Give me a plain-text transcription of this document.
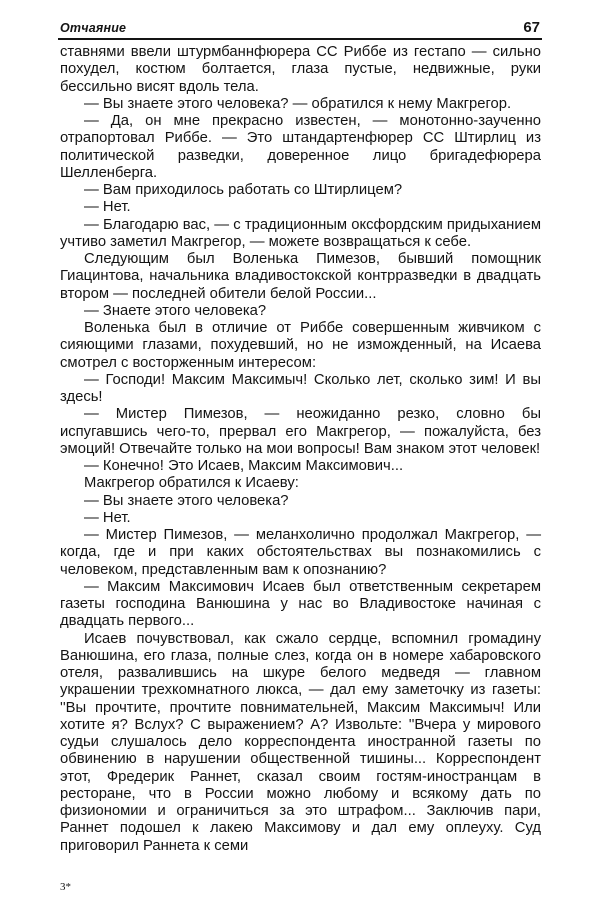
Отчаяние	67

ставнями ввели штурмбаннфюрера СС Риббе из гестапо — сильно похудел, костюм болтается, глаза пустые, недвижные, руки бессильно висят вдоль тела.

— Вы знаете этого человека? — обратился к нему Макгрегор.

— Да, он мне прекрасно известен, — монотонно-заученно отрапортовал Риббе. — Это штандартенфюрер СС Штирлиц из политической разведки, доверенное лицо бригадефюрера Шелленберга.

— Вам приходилось работать со Штирлицем?

— Нет.

— Благодарю вас, — с традиционным оксфордским придыханием учтиво заметил Макгрегор, — можете возвращаться к себе.

Следующим был Воленька Пимезов, бывший помощник Гиацинтова, начальника владивостокской контрразведки в двадцать втором — последней обители белой России...

— Знаете этого человека?

Воленька был в отличие от Риббе совершенным живчиком с сияющими глазами, похудевший, но не изможденный, на Исаева смотрел с восторженным интересом:

— Господи! Максим Максимыч! Сколько лет, сколько зим! И вы здесь!

— Мистер Пимезов, — неожиданно резко, словно бы испугавшись чего-то, прервал его Макгрегор, — пожалуйста, без эмоций! Отвечайте только на мои вопросы! Вам знаком этот человек!

— Конечно! Это Исаев, Максим Максимович...

Макгрегор обратился к Исаеву:

— Вы знаете этого человека?

— Нет.

— Мистер Пимезов, — меланхолично продолжал Макгрегор, — когда, где и при каких обстоятельствах вы познакомились с человеком, представленным вам к опознанию?

— Максим Максимович Исаев был ответственным секретарем газеты господина Ванюшина у нас во Владивостоке начиная с двадцать первого...

Исаев почувствовал, как сжало сердце, вспомнил громадину Ванюшина, его глаза, полные слез, когда он в номере хабаровского отеля, развалившись на шкуре белого медведя — главном украшении трехкомнатного люкса, — дал ему заметочку из газеты: ''Вы прочтите, прочтите повнимательней, Максим Максимыч! Или хотите я? Вслух? С выражением? А? Извольте: ''Вчера у мирового судьи слушалось дело корреспондента иностранной газеты по обвинению в нарушении общественной тишины... Корреспондент этот, Фредерик Раннет, сказал своим гостям-иностранцам в ресторане, что в России можно любому и всякому дать по физиономии и ограничиться за это штрафом... Заключив пари, Раннет подошел к лакею Максимову и дал ему оплеуху. Суд приговорил Раннета к семи

3*
